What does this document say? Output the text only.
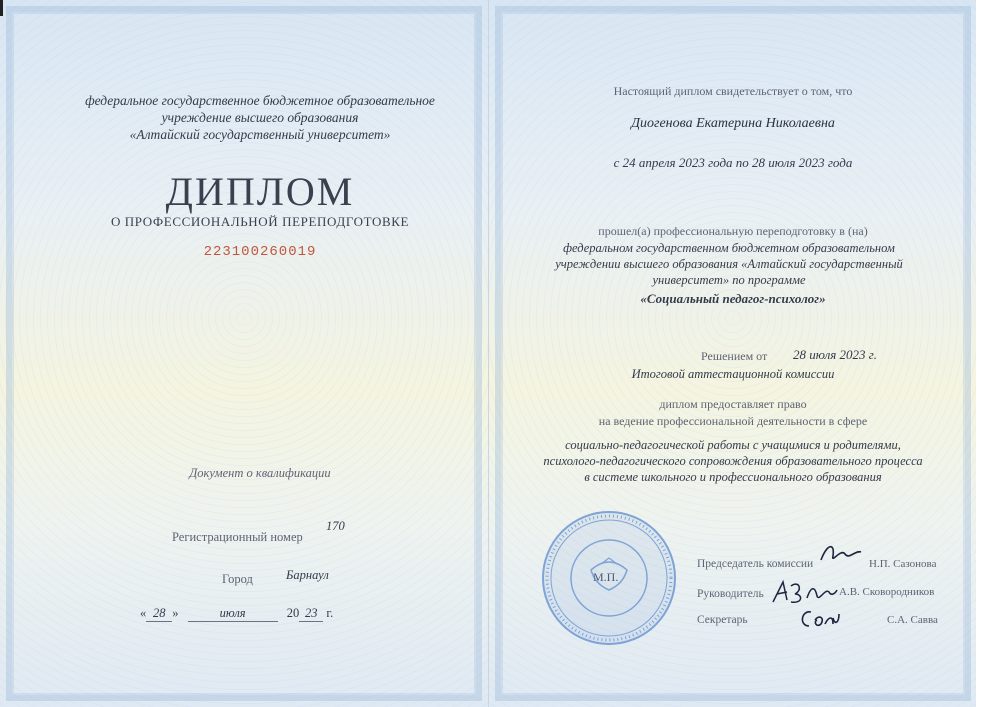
федеральное государственное бюджетное образовательное
учреждение высшего образования
«Алтайский государственный университет»
ДИПЛОМ
О ПРОФЕССИОНАЛЬНОЙ ПЕРЕПОДГОТОВКЕ
223100260019
Документ о квалификации
Регистрационный номер
170
Город	Барнаул
« 28 »	июля	20 23 г.
Настоящий диплом свидетельствует о том, что
Диогенова Екатерина Николаевна
с 24 апреля 2023 года по 28 июля 2023 года
прошел(а) профессиональную переподготовку в (на)
федеральном государственном бюджетном образовательном
учреждении высшего образования «Алтайский государственный
университет» по программе
«Социальный педагог-психолог»
Решением от 28 июля 2023 г.
Итоговой аттестационной комиссии
диплом предоставляет право
на ведение профессиональной деятельности в сфере
социально-педагогической работы с учащимися и родителями,
психолого-педагогического сопровождения образовательного процесса
в системе школьного и профессионального образования
М.П.
Председатель комиссии	Н.П. Сазонова
Руководитель	А.В. Сковородников
Секретарь	С.А. Савва
